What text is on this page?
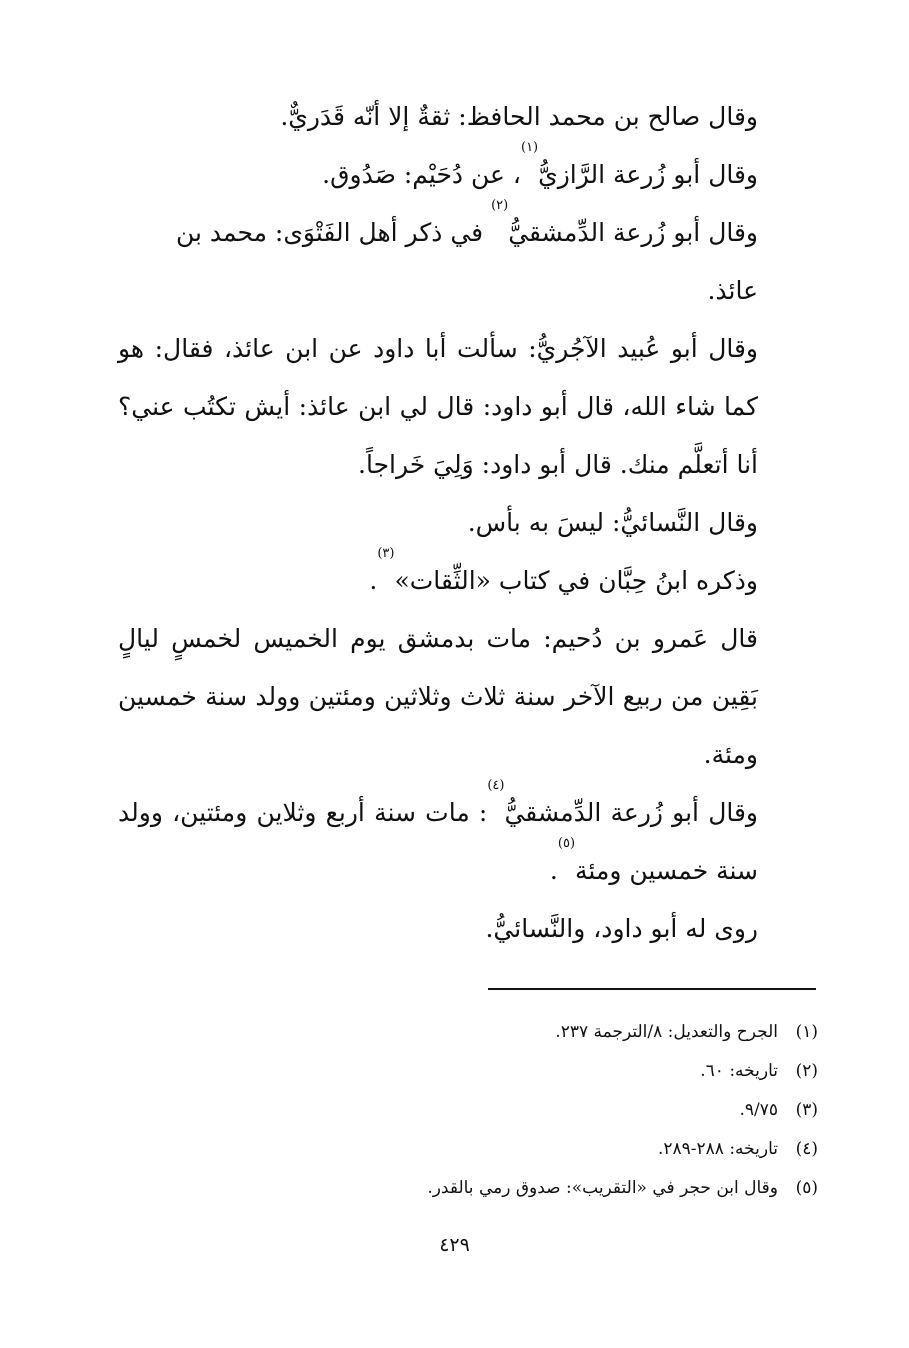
وقال صالح بن محمد الحافظ: ثقةٌ إلا أنّه قَدَريٌّ.

وقال أبو زُرعة الرَّازيُّ$^{(١)}$، عن دُحَيْم: صَدُوق.

وقال أبو زُرعة الدِّمشقيُّ$^{(٢)}$ في ذكر أهل الفَتْوَى: محمد بن عائذ.

وقال أبو عُبيد الآجُريُّ: سألت أبا داود عن ابن عائذ، فقال: هو كما شاء الله، قال أبو داود: قال لي ابن عائذ: أيش تكتُب عني؟ أنا أتعلَّم منك. قال أبو داود: وَلِيَ خَراجاً.

وقال النَّسائيُّ: ليسَ به بأس.

وذكره ابنُ حِبَّان في كتاب «الثِّقات»$^{(٣)}$.

قال عَمرو بن دُحيم: مات بدمشق يوم الخميس لخمسٍ ليالٍ بَقِين من ربيع الآخر سنة ثلاث وثلاثين ومئتين وولد سنة خمسين ومئة.

وقال أبو زُرعة الدِّمشقيُّ$^{(٤)}$: مات سنة أربع وثلاين ومئتين، وولد سنة خمسين ومئة$^{(٥)}$.

روى له أبو داود، والنَّسائيُّ.

(١)الجرح والتعديل: ٨/الترجمة ٢٣٧.
(٢)تاريخه: ٦٠.
(٣)٩/٧٥.
(٤)تاريخه: ٢٨٨-٢٨٩.
(٥)وقال ابن حجر في «التقريب»: صدوق رمي بالقدر.
٤٢٩
